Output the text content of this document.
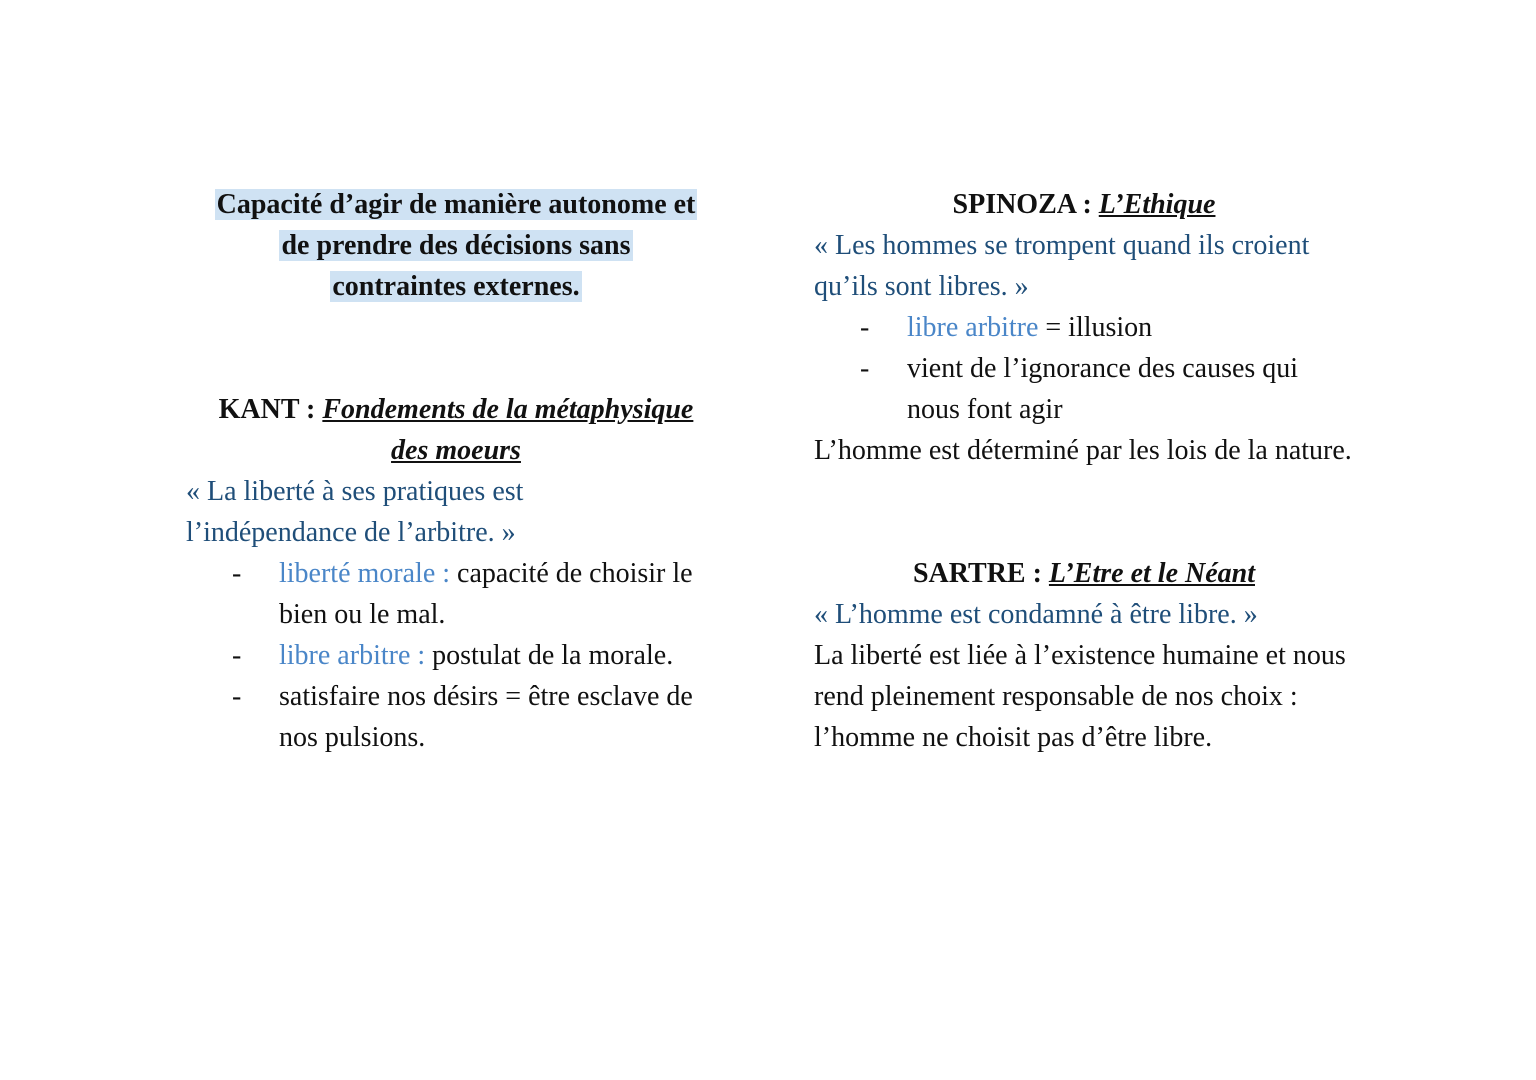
Capacité d’agir de manière autonome et
de prendre des décisions sans
contraintes externes.
KANT : Fondements de la métaphysique
des moeurs
« La liberté à ses pratiques est
l’indépendance de l’arbitre. »
- liberté morale : capacité de choisir le bien ou le mal.
- libre arbitre : postulat de la morale.
- satisfaire nos désirs = être esclave de nos pulsions.
SPINOZA : L’Ethique
« Les hommes se trompent quand ils croient qu’ils sont libres. »
- libre arbitre = illusion
- vient de l’ignorance des causes qui nous font agir
L’homme est déterminé par les lois de la nature.
SARTRE : L’Etre et le Néant
« L’homme est condamné à être libre. »
La liberté est liée à l’existence humaine et nous rend pleinement responsable de nos choix : l’homme ne choisit pas d’être libre.
